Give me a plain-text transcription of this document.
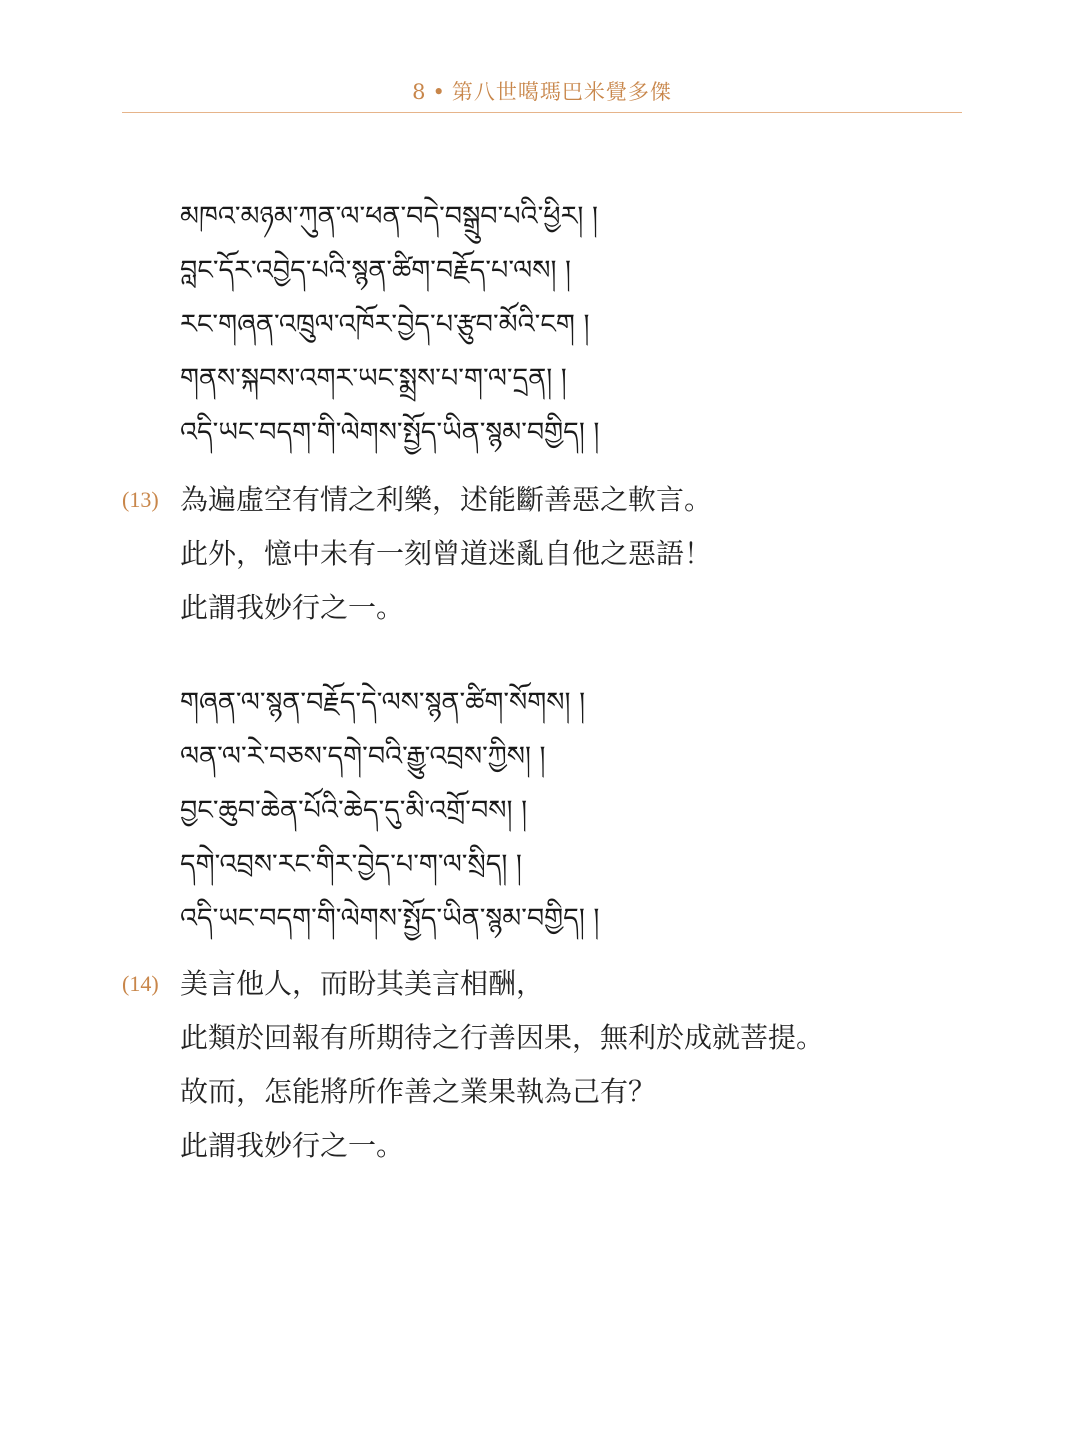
8 • 第八世噶瑪巴米覺多傑
མཁའ་མཉམ་ཀུན་ལ་ཕན་བདེ་བསྒྲུབ་པའི་ཕྱིར། །
བླང་དོར་འབྱེད་པའི་སྙན་ཚིག་བརྗོད་པ་ལས། །
རང་གཞན་འཁྲུལ་འཁོར་བྱེད་པ་རྩུབ་མོའི་ངག །
གནས་སྐབས་འགར་ཡང་སྨྲས་པ་ག་ལ་དྲན། །
འདི་ཡང་བདག་གི་ལེགས་སྤྱོད་ཡིན་སྙམ་བགྱིད། །
(13) 為遍虛空有情之利樂，述能斷善惡之軟言。
此外，憶中未有一刻曾道迷亂自他之惡語！
此謂我妙行之一。
གཞན་ལ་སྙན་བརྗོད་དེ་ལས་སྙན་ཚིག་སོགས། །
ལན་ལ་རེ་བཅས་དགེ་བའི་རྒྱུ་འབྲས་ཀྱིས། །
བྱང་ཆུབ་ཆེན་པོའི་ཆེད་དུ་མི་འགྲོ་བས། །
དགེ་འབྲས་རང་གིར་བྱེད་པ་ག་ལ་སྲིད། །
འདི་ཡང་བདག་གི་ལེགས་སྤྱོད་ཡིན་སྙམ་བགྱིད། །
(14) 美言他人，而盼其美言相酬，
此類於回報有所期待之行善因果，無利於成就菩提。
故而，怎能將所作善之業果執為己有？
此謂我妙行之一。
